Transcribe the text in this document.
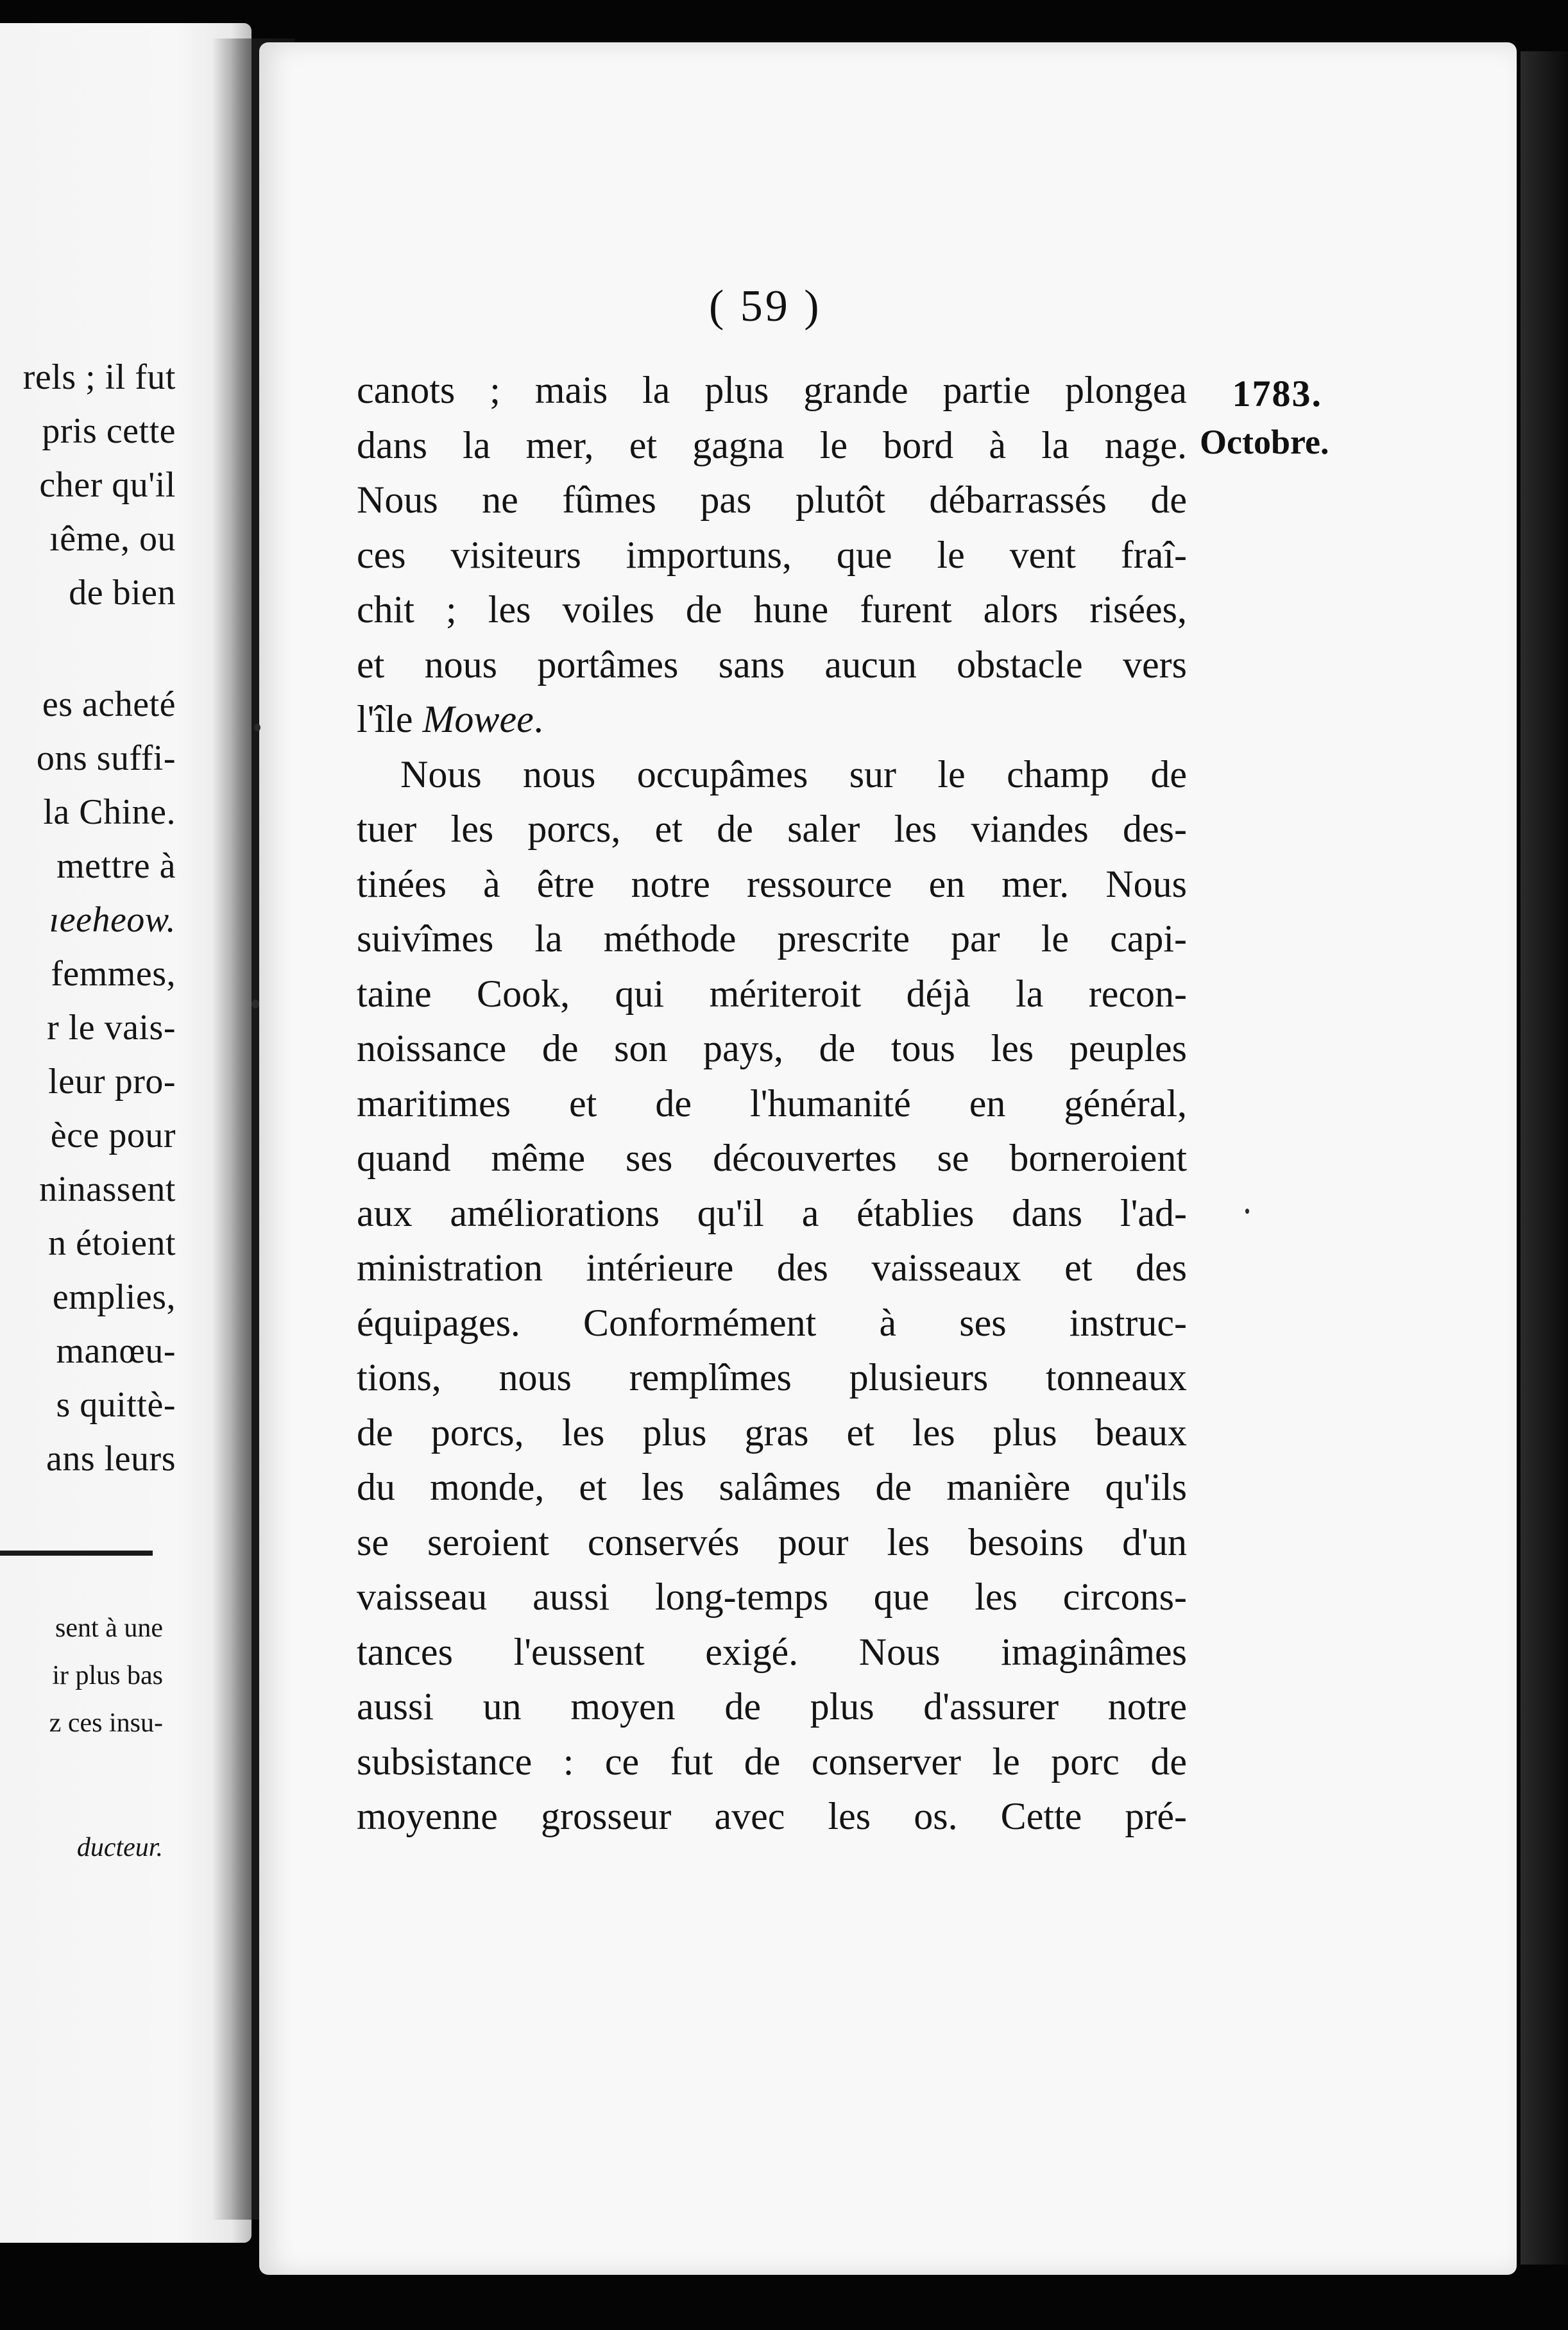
rels ; il fut
pris cette
cher qu'il
ıême, ou
de bien
es acheté
ons suffi-
la Chine.
mettre à
ıeeheow.
femmes,
r le vais-
leur pro-
èce pour
ninassent
n étoient
emplies,
manœu-
s quittè-
ans leurs
sent à une
ir plus bas
z ces insu-
ducteur.
( 59 )
1783.
Octobre.
canots ; mais la plus grande partie plongea
dans la mer, et gagna le bord à la nage.
Nous ne fûmes pas plutôt débarrassés de
ces visiteurs importuns, que le vent fraî-
chit ; les voiles de hune furent alors risées,
et nous portâmes sans aucun obstacle vers
l'île Mowee.
Nous nous occupâmes sur le champ de
tuer les porcs, et de saler les viandes des-
tinées à être notre ressource en mer. Nous
suivîmes la méthode prescrite par le capi-
taine Cook, qui mériteroit déjà la recon-
noissance de son pays, de tous les peuples
maritimes et de l'humanité en général,
quand même ses découvertes se borneroient
aux améliorations qu'il a établies dans l'ad-
ministration intérieure des vaisseaux et des
équipages. Conformément à ses instruc-
tions, nous remplîmes plusieurs tonneaux
de porcs, les plus gras et les plus beaux
du monde, et les salâmes de manière qu'ils
se seroient conservés pour les besoins d'un
vaisseau aussi long-temps que les circons-
tances l'eussent exigé. Nous imaginâmes
aussi un moyen de plus d'assurer notre
subsistance : ce fut de conserver le porc de
moyenne grosseur avec les os. Cette pré-
